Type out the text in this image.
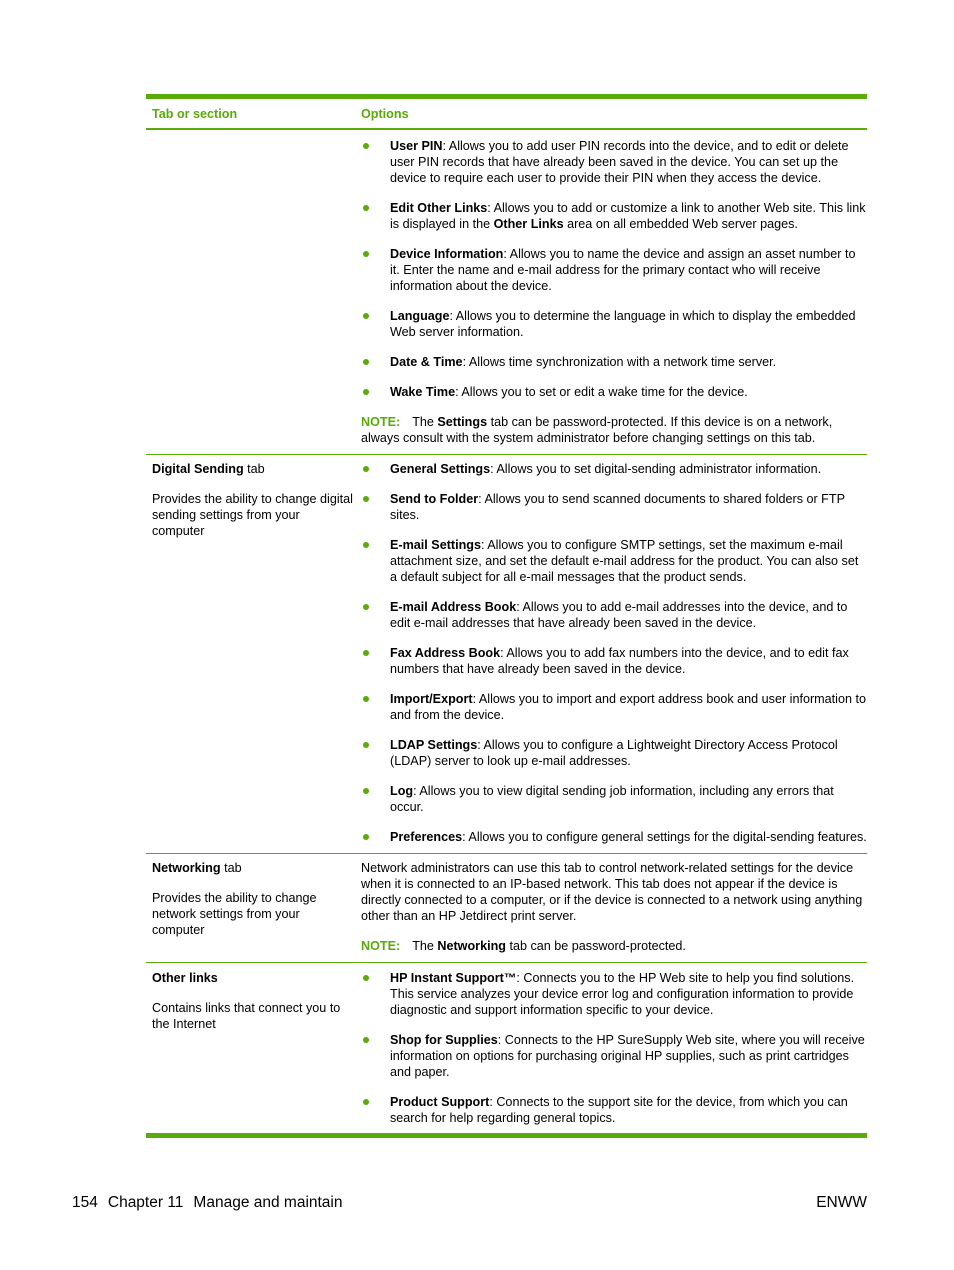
Tab or section	Options
User PIN: Allows you to add user PIN records into the device, and to edit or delete user PIN records that have already been saved in the device. You can set up the device to require each user to provide their PIN when they access the device.
Edit Other Links: Allows you to add or customize a link to another Web site. This link is displayed in the Other Links area on all embedded Web server pages.
Device Information: Allows you to name the device and assign an asset number to it. Enter the name and e-mail address for the primary contact who will receive information about the device.
Language: Allows you to determine the language in which to display the embedded Web server information.
Date & Time: Allows time synchronization with a network time server.
Wake Time: Allows you to set or edit a wake time for the device.
NOTE: The Settings tab can be password-protected. If this device is on a network, always consult with the system administrator before changing settings on this tab.
Digital Sending tab
Provides the ability to change digital sending settings from your computer
General Settings: Allows you to set digital-sending administrator information.
Send to Folder: Allows you to send scanned documents to shared folders or FTP sites.
E-mail Settings: Allows you to configure SMTP settings, set the maximum e-mail attachment size, and set the default e-mail address for the product. You can also set a default subject for all e-mail messages that the product sends.
E-mail Address Book: Allows you to add e-mail addresses into the device, and to edit e-mail addresses that have already been saved in the device.
Fax Address Book: Allows you to add fax numbers into the device, and to edit fax numbers that have already been saved in the device.
Import/Export: Allows you to import and export address book and user information to and from the device.
LDAP Settings: Allows you to configure a Lightweight Directory Access Protocol (LDAP) server to look up e-mail addresses.
Log: Allows you to view digital sending job information, including any errors that occur.
Preferences: Allows you to configure general settings for the digital-sending features.
Networking tab
Provides the ability to change network settings from your computer
Network administrators can use this tab to control network-related settings for the device when it is connected to an IP-based network. This tab does not appear if the device is directly connected to a computer, or if the device is connected to a network using anything other than an HP Jetdirect print server.
NOTE: The Networking tab can be password-protected.
Other links
Contains links that connect you to the Internet
HP Instant Support™: Connects you to the HP Web site to help you find solutions. This service analyzes your device error log and configuration information to provide diagnostic and support information specific to your device.
Shop for Supplies: Connects to the HP SureSupply Web site, where you will receive information on options for purchasing original HP supplies, such as print cartridges and paper.
Product Support: Connects to the support site for the device, from which you can search for help regarding general topics.
154 Chapter 11 Manage and maintain	ENWW
